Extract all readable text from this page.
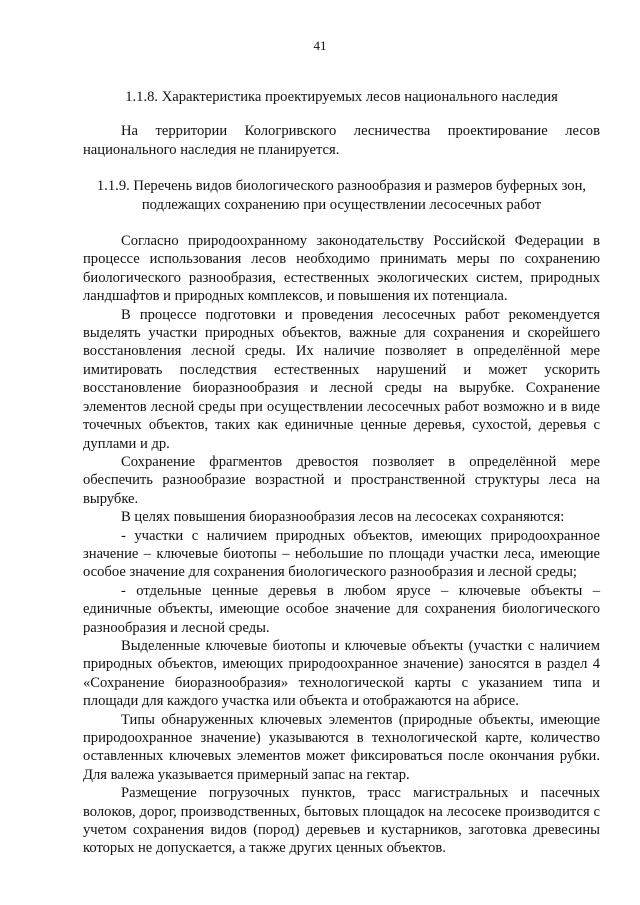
41

1.1.8. Характеристика проектируемых лесов национального наследия

На территории Кологривского лесничества проектирование лесов национального наследия не планируется.

1.1.9. Перечень видов биологического разнообразия и размеров буферных зон, подлежащих сохранению при осуществлении лесосечных работ

Согласно природоохранному законодательству Российской Федерации в процессе использования лесов необходимо принимать меры по сохранению биологического разнообразия, естественных экологических систем, природных ландшафтов и природных комплексов, и повышения их потенциала.

В процессе подготовки и проведения лесосечных работ рекомендуется выделять участки природных объектов, важные для сохранения и скорейшего восстановления лесной среды. Их наличие позволяет в определённой мере имитировать последствия естественных нарушений и может ускорить восстановление биоразнообразия и лесной среды на вырубке. Сохранение элементов лесной среды при осуществлении лесосечных работ возможно и в виде точечных объектов, таких как единичные ценные деревья, сухостой, деревья с дуплами и др.

Сохранение фрагментов древостоя позволяет в определённой мере обеспечить разнообразие возрастной и пространственной структуры леса на вырубке.

В целях повышения биоразнообразия лесов на лесосеках сохраняются:

- участки с наличием природных объектов, имеющих природоохранное значение – ключевые биотопы – небольшие по площади участки леса, имеющие особое значение для сохранения биологического разнообразия и лесной среды;

- отдельные ценные деревья в любом ярусе – ключевые объекты – единичные объекты, имеющие особое значение для сохранения биологического разнообразия и лесной среды.

Выделенные ключевые биотопы и ключевые объекты (участки с наличием природных объектов, имеющих природоохранное значение) заносятся в раздел 4 «Сохранение биоразнообразия» технологической карты с указанием типа и площади для каждого участка или объекта и отображаются на абрисе.

Типы обнаруженных ключевых элементов (природные объекты, имеющие природоохранное значение) указываются в технологической карте, количество оставленных ключевых элементов может фиксироваться после окончания рубки. Для валежа указывается примерный запас на гектар.

Размещение погрузочных пунктов, трасс магистральных и пасечных волоков, дорог, производственных, бытовых площадок на лесосеке производится с учетом сохранения видов (пород) деревьев и кустарников, заготовка древесины которых не допускается, а также других ценных объектов.
